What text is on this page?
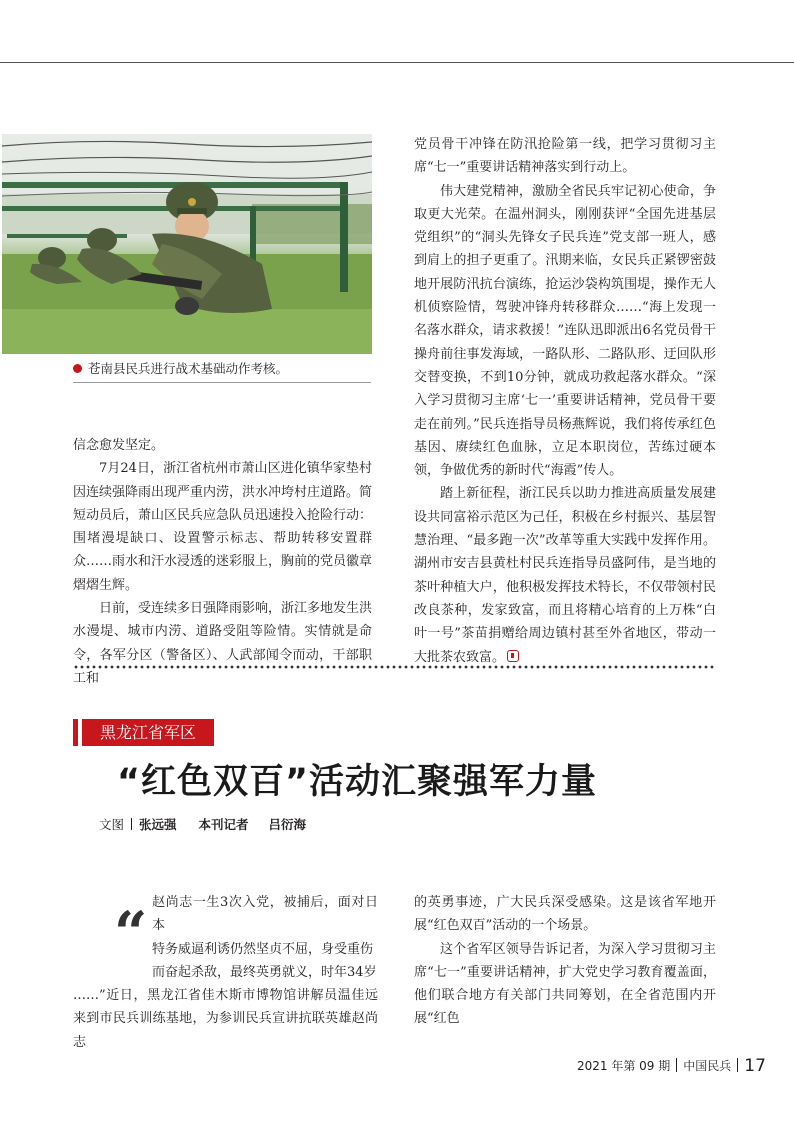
苍南县民兵进行战术基础动作考核。

信念愈发坚定。

7月24日，浙江省杭州市萧山区进化镇华家垫村因连续强降雨出现严重内涝，洪水冲垮村庄道路。简短动员后，萧山区民兵应急队员迅速投入抢险行动：围堵漫堤缺口、设置警示标志、帮助转移安置群众……雨水和汗水浸透的迷彩服上，胸前的党员徽章熠熠生辉。

日前，受连续多日强降雨影响，浙江多地发生洪水漫堤、城市内涝、道路受阻等险情。实情就是命令，各军分区（警备区）、人武部闻令而动，干部职工和

党员骨干冲锋在防汛抢险第一线，把学习贯彻习主席“七一”重要讲话精神落实到行动上。

伟大建党精神，激励全省民兵牢记初心使命，争取更大光荣。在温州洞头，刚刚获评“全国先进基层党组织”的“洞头先锋女子民兵连”党支部一班人，感到肩上的担子更重了。汛期来临，女民兵正紧锣密鼓地开展防汛抗台演练，抢运沙袋构筑围堤，操作无人机侦察险情，驾驶冲锋舟转移群众……“海上发现一名落水群众，请求救援！”连队迅即派出6名党员骨干操舟前往事发海域，一路队形、二路队形、迂回队形交替变换，不到10分钟，就成功救起落水群众。“深入学习贯彻习主席‘七一’重要讲话精神，党员骨干要走在前列。”民兵连指导员杨燕辉说，我们将传承红色基因、赓续红色血脉，立足本职岗位，苦练过硬本领，争做优秀的新时代“海霞”传人。

踏上新征程，浙江民兵以助力推进高质量发展建设共同富裕示范区为己任，积极在乡村振兴、基层智慧治理、“最多跑一次”改革等重大实践中发挥作用。湖州市安吉县黄杜村民兵连指导员盛阿伟，是当地的茶叶种植大户，他积极发挥技术特长，不仅带领村民改良茶种，发家致富，而且将精心培育的上万株“白叶一号”茶苗捐赠给周边镇村甚至外省地区，带动一大批茶农致富。

黑龙江省军区
“红色双百”活动汇聚强军力量
文图 张远强 本刊记者 吕衍海
“ 赵尚志一生3次入党，被捕后，面对日本
特务威逼利诱仍然坚贞不屈，身受重伤
而奋起杀敌，最终英勇就义，时年34岁

……”近日，黑龙江省佳木斯市博物馆讲解员温佳远来到市民兵训练基地，为参训民兵宣讲抗联英雄赵尚志

的英勇事迹，广大民兵深受感染。这是该省军地开展“红色双百”活动的一个场景。

这个省军区领导告诉记者，为深入学习贯彻习主席“七一”重要讲话精神，扩大党史学习教育覆盖面，他们联合地方有关部门共同筹划，在全省范围内开展“红色

2021 年第 09 期 中国民兵 17
